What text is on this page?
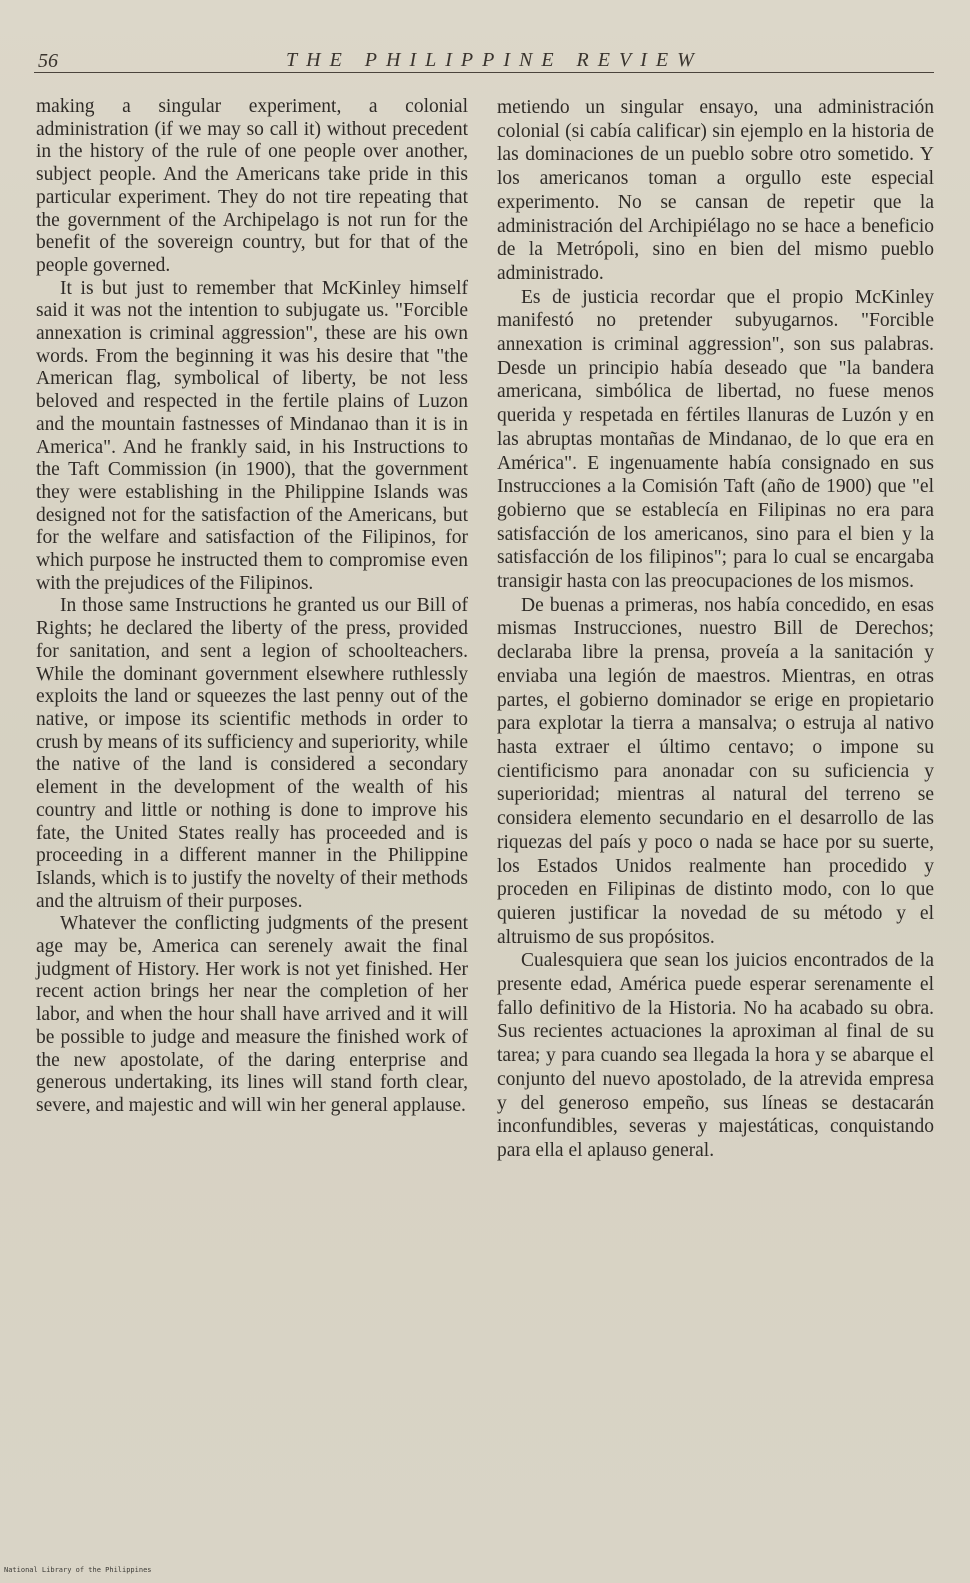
56	THE PHILIPPINE REVIEW

making a singular experiment, a colonial administration (if we may so call it) without precedent in the history of the rule of one people over another, subject people. And the Americans take pride in this particular experiment. They do not tire repeating that the government of the Archipelago is not run for the benefit of the sovereign country, but for that of the people governed.

It is but just to remember that McKinley himself said it was not the intention to subjugate us. "Forcible annexation is criminal aggression", these are his own words. From the beginning it was his desire that "the American flag, symbolical of liberty, be not less beloved and respected in the fertile plains of Luzon and the mountain fastnesses of Mindanao than it is in America". And he frankly said, in his Instructions to the Taft Commission (in 1900), that the government they were establishing in the Philippine Islands was designed not for the satisfaction of the Americans, but for the welfare and satisfaction of the Filipinos, for which purpose he instructed them to compromise even with the prejudices of the Filipinos.

In those same Instructions he granted us our Bill of Rights; he declared the liberty of the press, provided for sanitation, and sent a legion of schoolteachers. While the dominant government elsewhere ruthlessly exploits the land or squeezes the last penny out of the native, or impose its scientific methods in order to crush by means of its sufficiency and superiority, while the native of the land is considered a secondary element in the development of the wealth of his country and little or nothing is done to improve his fate, the United States really has proceeded and is proceeding in a different manner in the Philippine Islands, which is to justify the novelty of their methods and the altruism of their purposes.

Whatever the conflicting judgments of the present age may be, America can serenely await the final judgment of History. Her work is not yet finished. Her recent action brings her near the completion of her labor, and when the hour shall have arrived and it will be possible to judge and measure the finished work of the new apostolate, of the daring enterprise and generous undertaking, its lines will stand forth clear, severe, and majestic and will win her general applause.

metiendo un singular ensayo, una administración colonial (si cabía calificar) sin ejemplo en la historia de las dominaciones de un pueblo sobre otro sometido. Y los americanos toman a orgullo este especial experimento. No se cansan de repetir que la administración del Archipiélago no se hace a beneficio de la Metrópoli, sino en bien del mismo pueblo administrado.

Es de justicia recordar que el propio McKinley manifestó no pretender subyugarnos. "Forcible annexation is criminal aggression", son sus palabras. Desde un principio había deseado que "la bandera americana, simbólica de libertad, no fuese menos querida y respetada en fértiles llanuras de Luzón y en las abruptas montañas de Mindanao, de lo que era en América". E ingenuamente había consignado en sus Instrucciones a la Comisión Taft (año de 1900) que "el gobierno que se establecía en Filipinas no era para satisfacción de los americanos, sino para el bien y la satisfacción de los filipinos"; para lo cual se encargaba transigir hasta con las preocupaciones de los mismos.

De buenas a primeras, nos había concedido, en esas mismas Instrucciones, nuestro Bill de Derechos; declaraba libre la prensa, proveía a la sanitación y enviaba una legión de maestros. Mientras, en otras partes, el gobierno dominador se erige en propietario para explotar la tierra a mansalva; o estruja al nativo hasta extraer el último centavo; o impone su cientificismo para anonadar con su suficiencia y superioridad; mientras al natural del terreno se considera elemento secundario en el desarrollo de las riquezas del país y poco o nada se hace por su suerte, los Estados Unidos realmente han procedido y proceden en Filipinas de distinto modo, con lo que quieren justificar la novedad de su método y el altruismo de sus propósitos.

Cualesquiera que sean los juicios encontrados de la presente edad, América puede esperar serenamente el fallo definitivo de la Historia. No ha acabado su obra. Sus recientes actuaciones la aproximan al final de su tarea; y para cuando sea llegada la hora y se abarque el conjunto del nuevo apostolado, de la atrevida empresa y del generoso empeño, sus líneas se destacarán inconfundibles, severas y majestáticas, conquistando para ella el aplauso general.

National Library of the Philippines
